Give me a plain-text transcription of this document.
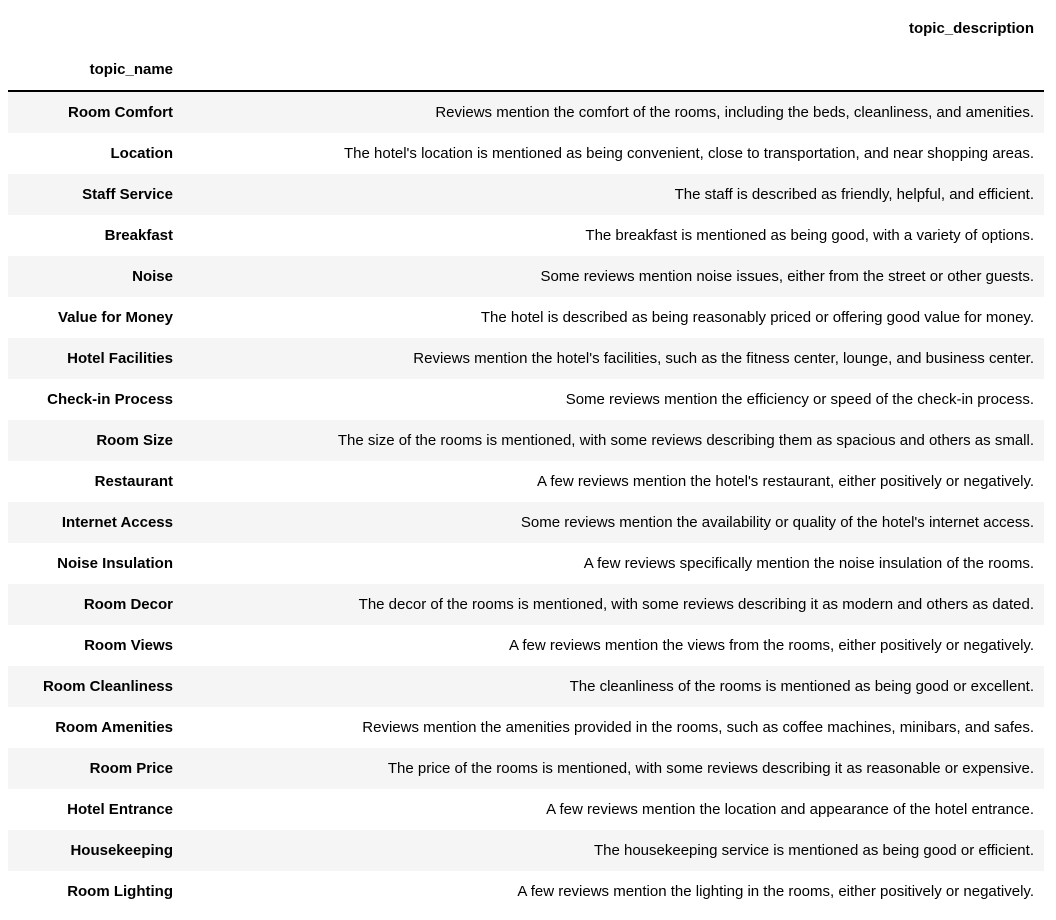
	topic_description
topic_name	
Room Comfort	Reviews mention the comfort of the rooms, including the beds, cleanliness, and amenities.
Location	The hotel's location is mentioned as being convenient, close to transportation, and near shopping areas.
Staff Service	The staff is described as friendly, helpful, and efficient.
Breakfast	The breakfast is mentioned as being good, with a variety of options.
Noise	Some reviews mention noise issues, either from the street or other guests.
Value for Money	The hotel is described as being reasonably priced or offering good value for money.
Hotel Facilities	Reviews mention the hotel's facilities, such as the fitness center, lounge, and business center.
Check-in Process	Some reviews mention the efficiency or speed of the check-in process.
Room Size	The size of the rooms is mentioned, with some reviews describing them as spacious and others as small.
Restaurant	A few reviews mention the hotel's restaurant, either positively or negatively.
Internet Access	Some reviews mention the availability or quality of the hotel's internet access.
Noise Insulation	A few reviews specifically mention the noise insulation of the rooms.
Room Decor	The decor of the rooms is mentioned, with some reviews describing it as modern and others as dated.
Room Views	A few reviews mention the views from the rooms, either positively or negatively.
Room Cleanliness	The cleanliness of the rooms is mentioned as being good or excellent.
Room Amenities	Reviews mention the amenities provided in the rooms, such as coffee machines, minibars, and safes.
Room Price	The price of the rooms is mentioned, with some reviews describing it as reasonable or expensive.
Hotel Entrance	A few reviews mention the location and appearance of the hotel entrance.
Housekeeping	The housekeeping service is mentioned as being good or efficient.
Room Lighting	A few reviews mention the lighting in the rooms, either positively or negatively.
